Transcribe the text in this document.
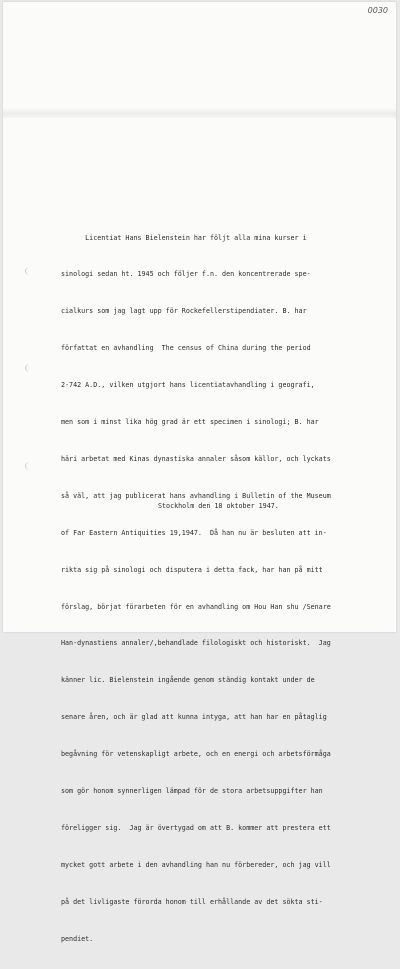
0030

Licentiat Hans Bielenstein har följt alla mina kurser i

sinologi sedan ht. 1945 och följer f.n. den koncentrerade spe-

cialkurs som jag lagt upp för Rockefellerstipendiater. B. har

författat en avhandling  The census of China during the period

2-742 A.D., vilken utgjort hans licentiatavhandling i geografi,

men som i minst lika hög grad är ett specimen i sinologi; B. har

häri arbetat med Kinas dynastiska annaler såsom källor, och lyckats

så väl, att jag publicerat hans avhandling i Bulletin of the Museum

of Far Eastern Antiquities 19,1947.  Då han nu är besluten att in-

rikta sig på sinologi och disputera i detta fack, har han på mitt

förslag, börjat förarbeten för en avhandling om Hou Han shu /Senare

Han-dynastiens annaler/,behandlade filologiskt och historiskt.  Jag

känner lic. Bielenstein ingående genom ständig kontakt under de

senare åren, och är glad att kunna intyga, att han har en påtaglig

begåvning för vetenskapligt arbete, och en energi och arbetsförmåga

som gör honom synnerligen lämpad för de stora arbetsuppgifter han

föreligger sig.  Jag är övertygad om att B. kommer att prestera ett

mycket gott arbete i den avhandling han nu förbereder, och jag vill

på det livligaste förorda honom till erhållande av det sökta sti-

pendiet.

Stockholm den 18 oktober 1947.
